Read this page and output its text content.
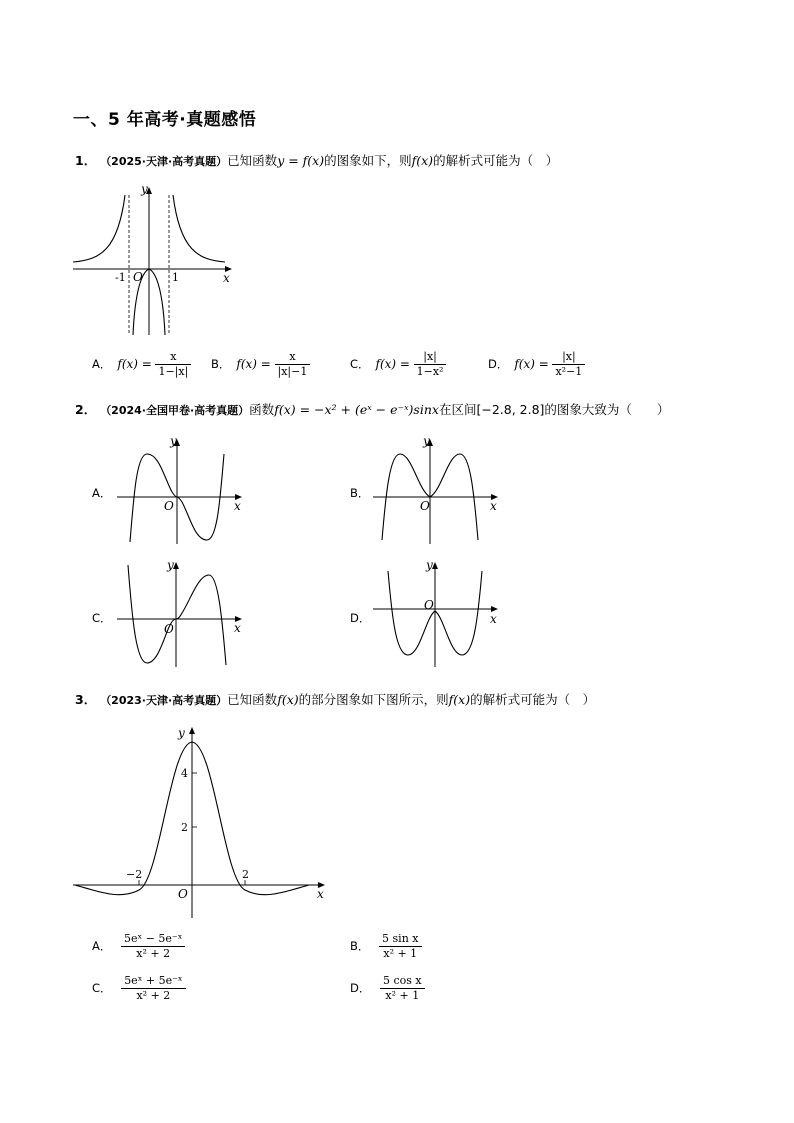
一、5 年高考·真题感悟
1． （2025·天津·高考真题）已知函数y = f(x)的图象如下，则f(x)的解析式可能为（　）
y
x
O
-1	1
A． $f(x) = \frac{x}{1-|x|}$ B． $f(x) = \frac{x}{|x|-1}$	C． $f(x) = \frac{|x|}{\text{1−x²}}$	D． $f(x) = \frac{|x|}{\text{x²−1}}$
2． （2024·全国甲卷·高考真题）函数f(x) = −x² + (eˣ − e⁻ˣ)sinx在区间[−2.8, 2.8]的图象大致为（　　）
A．
y
x
O
B．
y
x
O
C．
y
x
O
D．
y
x
O
3． （2023·天津·高考真题）已知函数f(x)的部分图象如下图所示，则f(x)的解析式可能为（　）
y
x
O
4
2
−2	2
A． $\frac{\text{5eˣ − 5e⁻ˣ}}{\text{x² + 2}}$	B． $\frac{\text{5 sin x}}{\text{x² + 1}}$
C． $\frac{\text{5eˣ + 5e⁻ˣ}}{\text{x² + 2}}$	D． $\frac{\text{5 cos x}}{\text{x² + 1}}$
